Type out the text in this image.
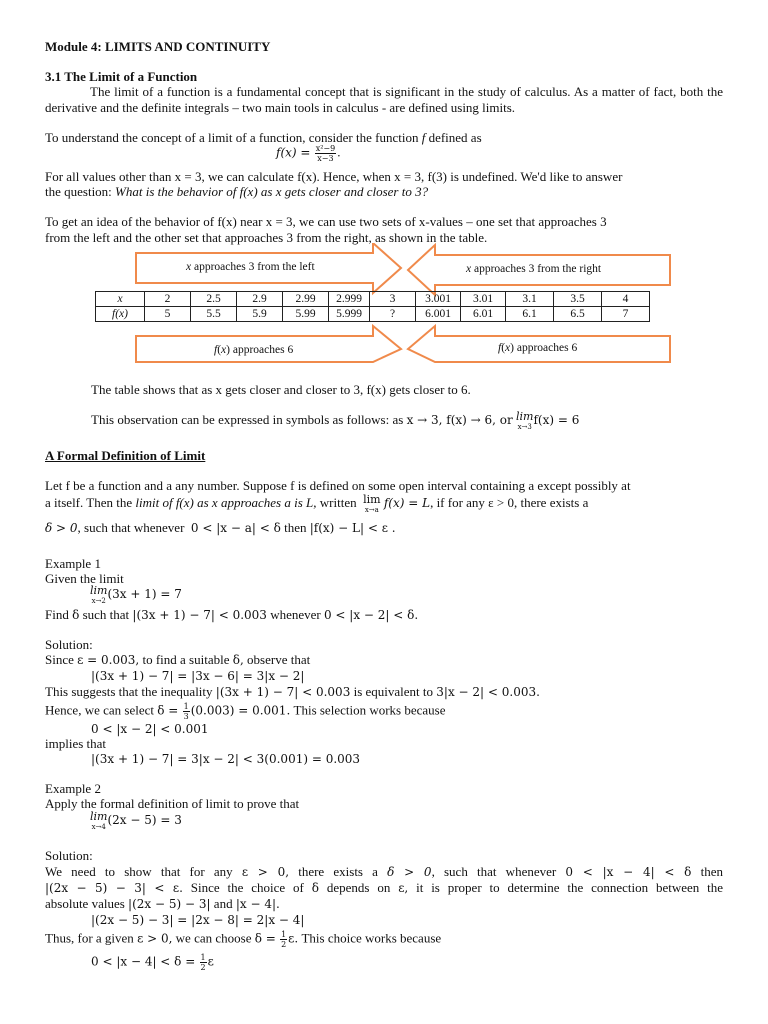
Module 4: LIMITS AND CONTINUITY
3.1 The Limit of a Function
The limit of a function is a fundamental concept that is significant in the study of calculus. As a matter of fact, both the derivative and the definite integrals – two main tools in calculus - are defined using limits.
To understand the concept of a limit of a function, consider the function f defined as
$f(x) = \frac{\text{x²−9}}{x-3}$ .
For all values other than x = 3, we can calculate f(x). Hence, when x = 3, f(3) is undefined. We'd like to answer
the question: What is the behavior of f(x) as x gets closer and closer to 3?
To get an idea of the behavior of f(x) near x = 3, we can use two sets of x-values – one set that approaches 3
from the left and the other set that approaches 3 from the right, as shown in the table.
x approaches 3 from the left	x approaches 3 from the right
f(x) approaches 6	f(x) approaches 6
x	2	2.5	2.9	2.99	2.999	3	3.001	3.01	3.1	3.5	4
f(x)	5	5.5	5.9	5.99	5.999	?	6.001	6.01	6.1	6.5	7
The table shows that as x gets closer and closer to 3, f(x) gets closer to 6.
This observation can be expressed in symbols as follows: as x → 3, f(x) → 6, or lim
x→3 f(x) = 6
A Formal Definition of Limit
Let f be a function and a any number. Suppose f is defined on some open interval containing a except possibly at
a itself. Then the limit of f(x) as x approaches a is L, written lim
x→a f(x) = L, if for any ε > 0, there exists a
δ > 0, such that whenever 0 < |x − a| < δ then |f(x) − L| < ε .
Example 1
Given the limit
lim
x→2 (3x + 1) = 7
Find δ such that |(3x + 1) − 7| < 0.003 whenever 0 < |x − 2| < δ.
Solution:
Since ε = 0.003, to find a suitable δ, observe that
|(3x + 1) − 7| = |3x − 6| = 3|x − 2|
This suggests that the inequality |(3x + 1) − 7| < 0.003 is equivalent to 3|x − 2| < 0.003.
Hence, we can select $\delta = \frac{1}{3} (0.003) = 0.001$. This selection works because
0 < |x − 2| < 0.001
implies that
|(3x + 1) − 7| = 3|x − 2| < 3(0.001) = 0.003
Example 2
Apply the formal definition of limit to prove that
lim
x→4 (2x − 5) = 3
Solution:
We need to show that for any ε > 0, there exists a δ > 0, such that whenever 0 < |x − 4| < δ then
|(2x − 5) − 3| < ε. Since the choice of δ depends on ε, it is proper to determine the connection between the
absolute values |(2x − 5) − 3| and |x − 4|.
|(2x − 5) − 3| = |2x − 8| = 2|x − 4|
Thus, for a given ε > 0, we can choose $\delta = \frac{1}{2} \varepsilon$. This choice works because
$0 < |x - 4| < \delta = \frac{1}{2}$ ε
